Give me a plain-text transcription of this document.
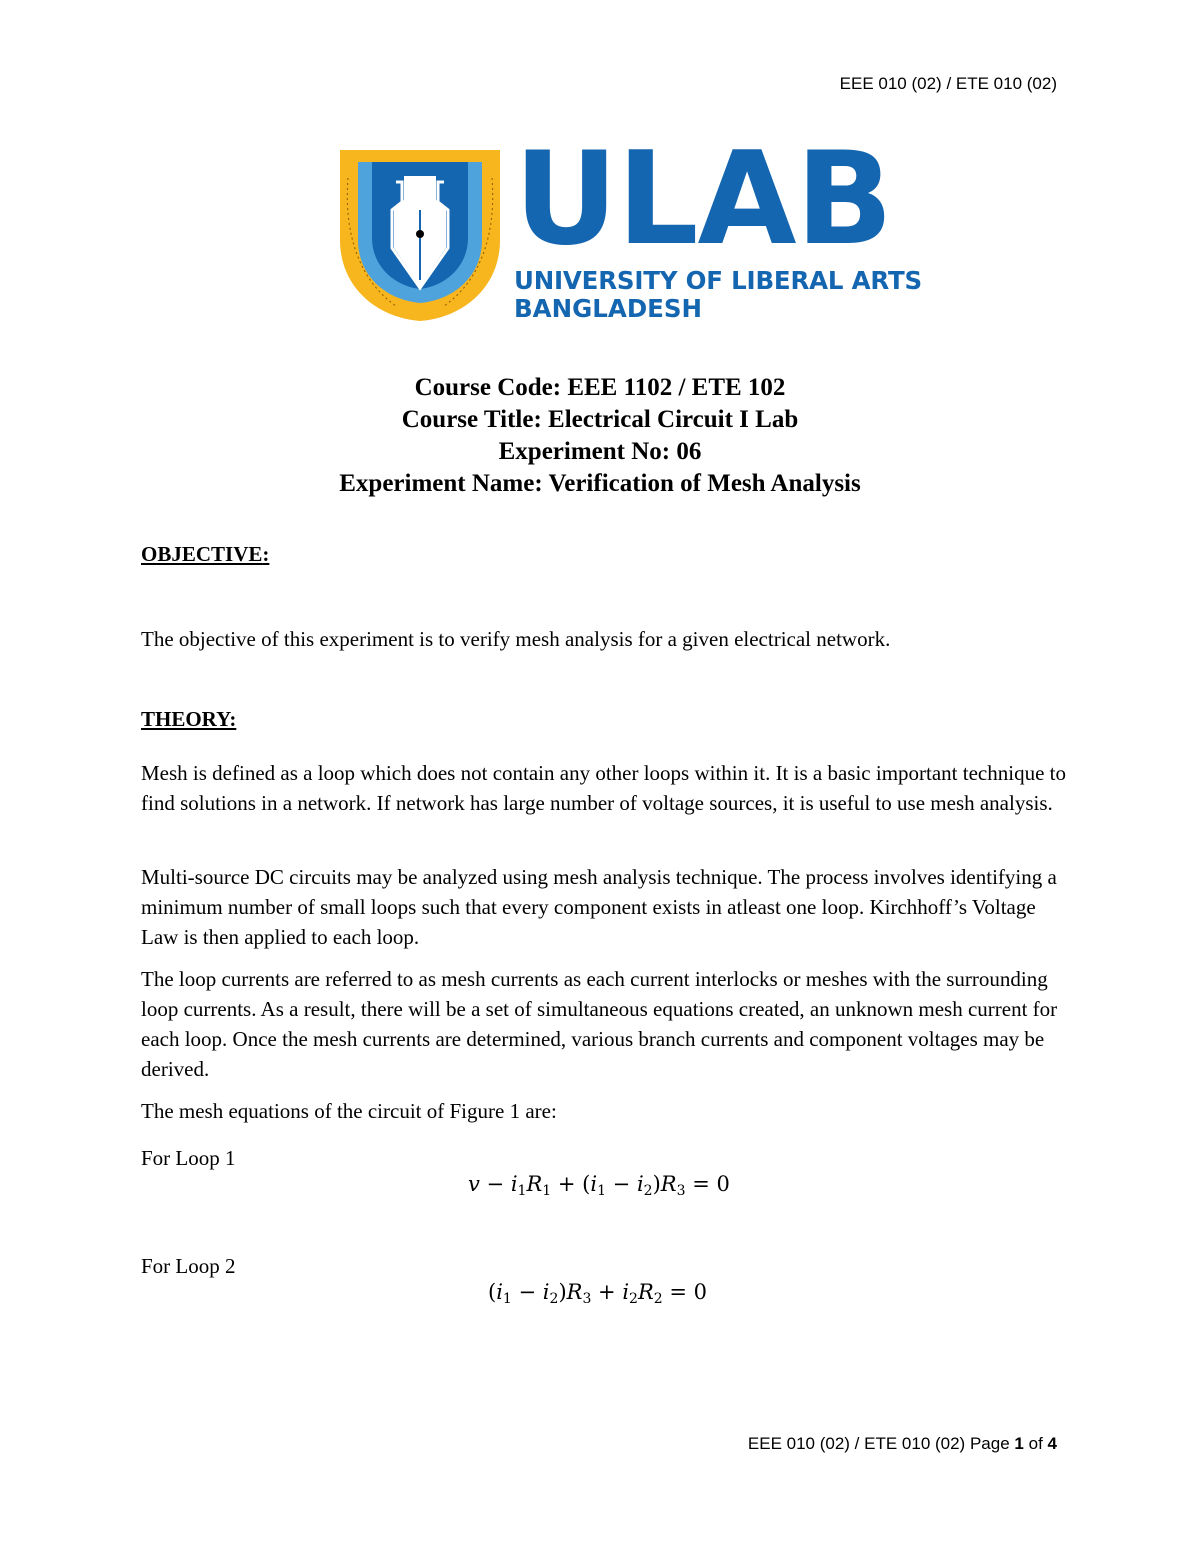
EEE 010 (02) / ETE 010 (02)
ULAB
UNIVERSITY OF LIBERAL ARTS
BANGLADESH
Course Code: EEE 1102 / ETE 102
Course Title: Electrical Circuit I Lab
Experiment No: 06
Experiment Name: Verification of Mesh Analysis
OBJECTIVE:
The objective of this experiment is to verify mesh analysis for a given electrical network.
THEORY:
Mesh is defined as a loop which does not contain any other loops within it. It is a basic important technique to find solutions in a network. If network has large number of voltage sources, it is useful to use mesh analysis.
Multi-source DC circuits may be analyzed using mesh analysis technique. The process involves identifying a minimum number of small loops such that every component exists in atleast one loop. Kirchhoff’s Voltage Law is then applied to each loop.
The loop currents are referred to as mesh currents as each current interlocks or meshes with the surrounding loop currents. As a result, there will be a set of simultaneous equations created, an unknown mesh current for each loop. Once the mesh currents are determined, various branch currents and component voltages may be derived.
The mesh equations of the circuit of Figure 1 are:
For Loop 1
$v - i_1R_1 + (i_1 - i_2)R_3 = 0$
For Loop 2
$(i_1 - i_2)R_3 + i_2R_2 = 0$
EEE 010 (02) / ETE 010 (02) Page 1 of 4
